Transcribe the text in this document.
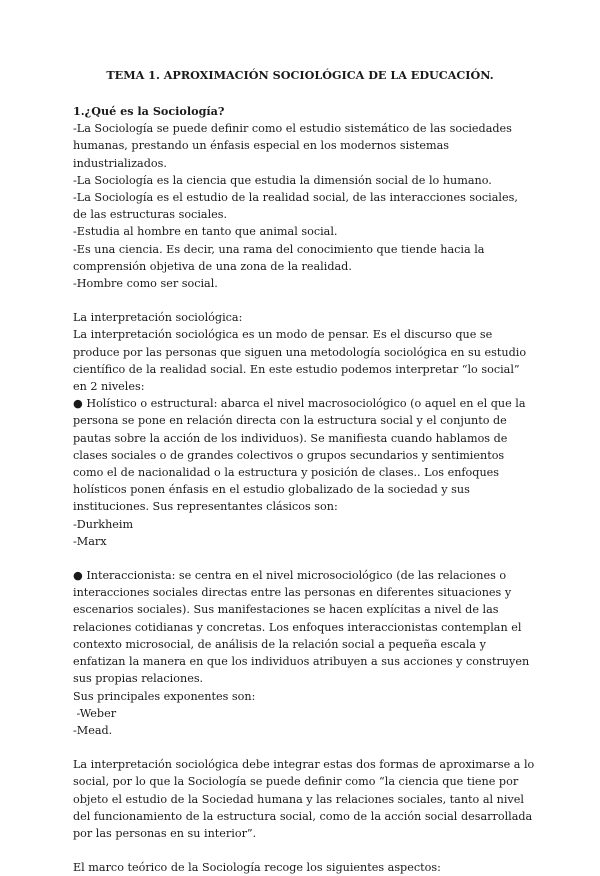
TEMA 1. APROXIMACIÓN SOCIOLÓGICA DE LA EDUCACIÓN.

1.¿Qué es la Sociología?

-La Sociología se puede definir como el estudio sistemático de las sociedades humanas, prestando un énfasis especial en los modernos sistemas industrializados.

-La Sociología es la ciencia que estudia la dimensión social de lo humano.

-La Sociología es el estudio de la realidad social, de las interacciones sociales, de las estructuras sociales.

-Estudia al hombre en tanto que animal social.

-Es una ciencia. Es decir, una rama del conocimiento que tiende hacia la comprensión objetiva de una zona de la realidad.

-Hombre como ser social.

La interpretación sociológica:

La interpretación sociológica es un modo de pensar. Es el discurso que se produce por las personas que siguen una metodología sociológica en su estudio científico de la realidad social. En este estudio podemos interpretar “lo social” en 2 niveles:

● Holístico o estructural: abarca el nivel macrosociológico (o aquel en el que la persona se pone en relación directa con la estructura social y el conjunto de pautas sobre la acción de los individuos). Se manifiesta cuando hablamos de clases sociales o de grandes colectivos o grupos secundarios y sentimientos como el de nacionalidad o la estructura y posición de clases.. Los enfoques holísticos ponen énfasis en el estudio globalizado de la sociedad y sus instituciones. Sus representantes clásicos son:

-Durkheim

-Marx

● Interaccionista: se centra en el nivel microsociológico (de las relaciones o interacciones sociales directas entre las personas en diferentes situaciones y escenarios sociales). Sus manifestaciones se hacen explícitas a nivel de las relaciones cotidianas y concretas. Los enfoques interaccionistas contemplan el contexto microsocial, de análisis de la relación social a pequeña escala y enfatizan la manera en que los individuos atribuyen a sus acciones y construyen sus propias relaciones.

Sus principales exponentes son:

-Weber

-Mead.

La interpretación sociológica debe integrar estas dos formas de aproximarse a lo social, por lo que la Sociología se puede definir como “la ciencia que tiene por objeto el estudio de la Sociedad humana y las relaciones sociales, tanto al nivel del funcionamiento de la estructura social, como de la acción social desarrollada por las personas en su interior”.

El marco teórico de la Sociología recoge los siguientes aspectos:
